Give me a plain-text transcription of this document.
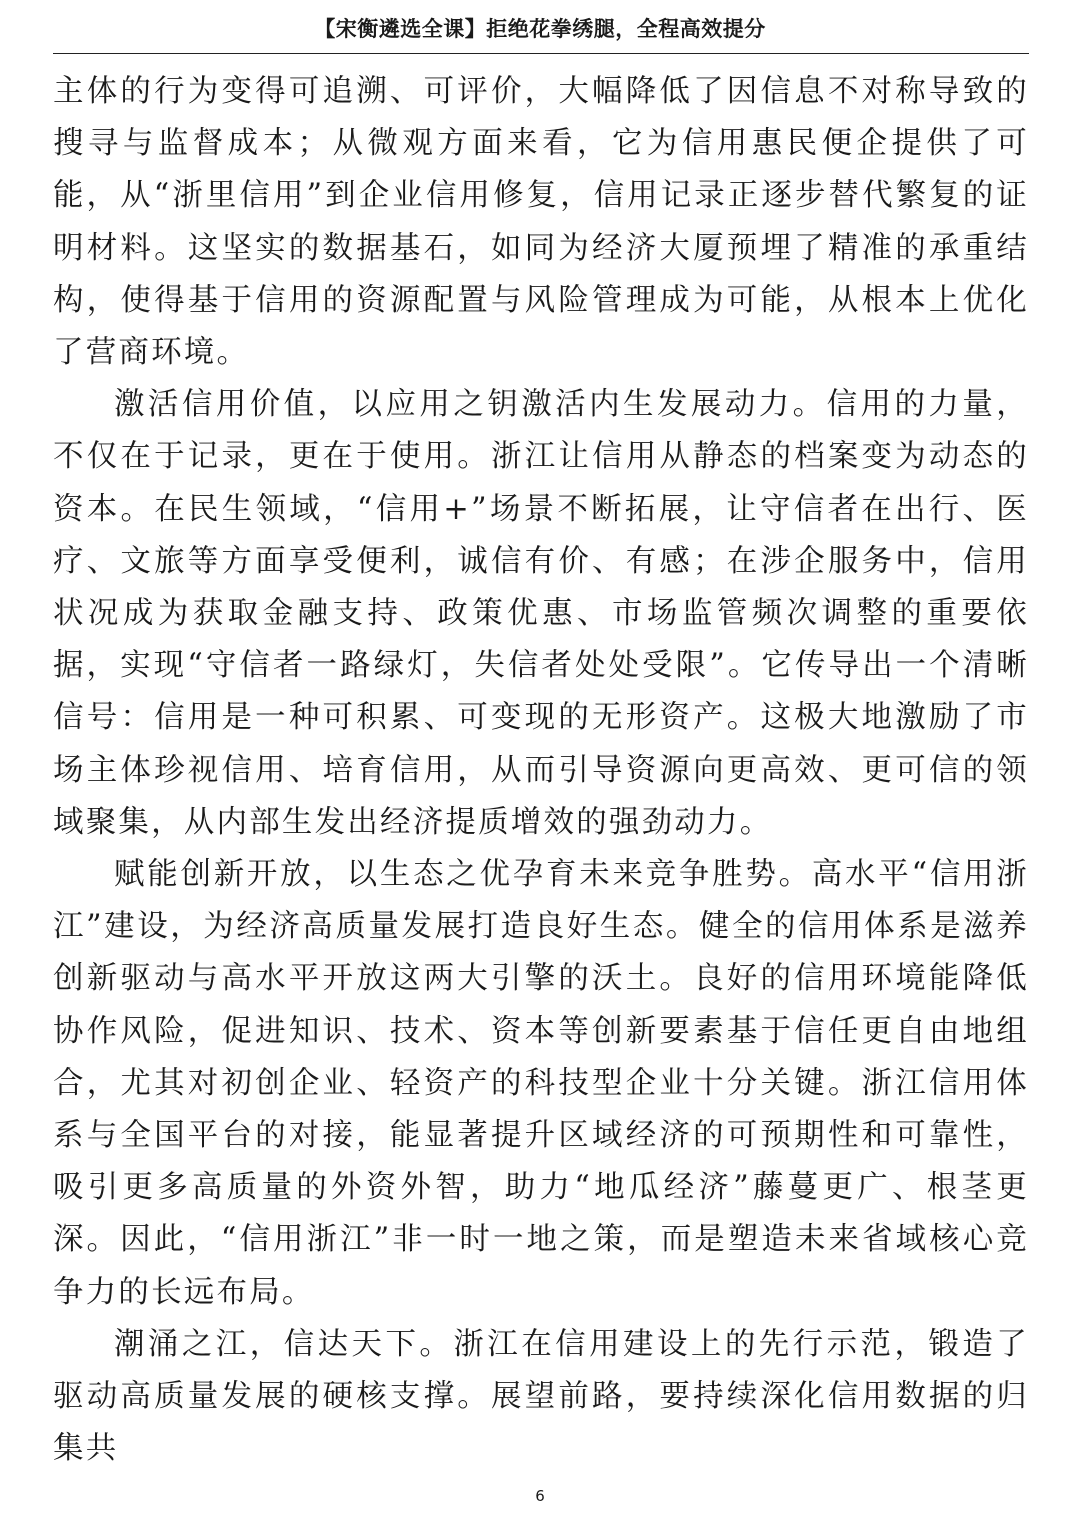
【宋衡遴选全课】拒绝花拳绣腿，全程高效提分

主体的行为变得可追溯、可评价，大幅降低了因信息不对称导致的搜寻与监督成本；从微观方面来看，它为信用惠民便企提供了可能，从“浙里信用”到企业信用修复，信用记录正逐步替代繁复的证明材料。这坚实的数据基石，如同为经济大厦预埋了精准的承重结构，使得基于信用的资源配置与风险管理成为可能，从根本上优化了营商环境。

激活信用价值，以应用之钥激活内生发展动力。信用的力量，不仅在于记录，更在于使用。浙江让信用从静态的档案变为动态的资本。在民生领域，“信用+”场景不断拓展，让守信者在出行、医疗、文旅等方面享受便利，诚信有价、有感；在涉企服务中，信用状况成为获取金融支持、政策优惠、市场监管频次调整的重要依据，实现“守信者一路绿灯，失信者处处受限”。它传导出一个清晰信号：信用是一种可积累、可变现的无形资产。这极大地激励了市场主体珍视信用、培育信用，从而引导资源向更高效、更可信的领域聚集，从内部生发出经济提质增效的强劲动力。

赋能创新开放，以生态之优孕育未来竞争胜势。高水平“信用浙江”建设，为经济高质量发展打造良好生态。健全的信用体系是滋养创新驱动与高水平开放这两大引擎的沃土。良好的信用环境能降低协作风险，促进知识、技术、资本等创新要素基于信任更自由地组合，尤其对初创企业、轻资产的科技型企业十分关键。浙江信用体系与全国平台的对接，能显著提升区域经济的可预期性和可靠性，吸引更多高质量的外资外智，助力“地瓜经济”藤蔓更广、根茎更深。因此，“信用浙江”非一时一地之策，而是塑造未来省域核心竞争力的长远布局。

潮涌之江，信达天下。浙江在信用建设上的先行示范，锻造了驱动高质量发展的硬核支撑。展望前路，要持续深化信用数据的归集共

6
